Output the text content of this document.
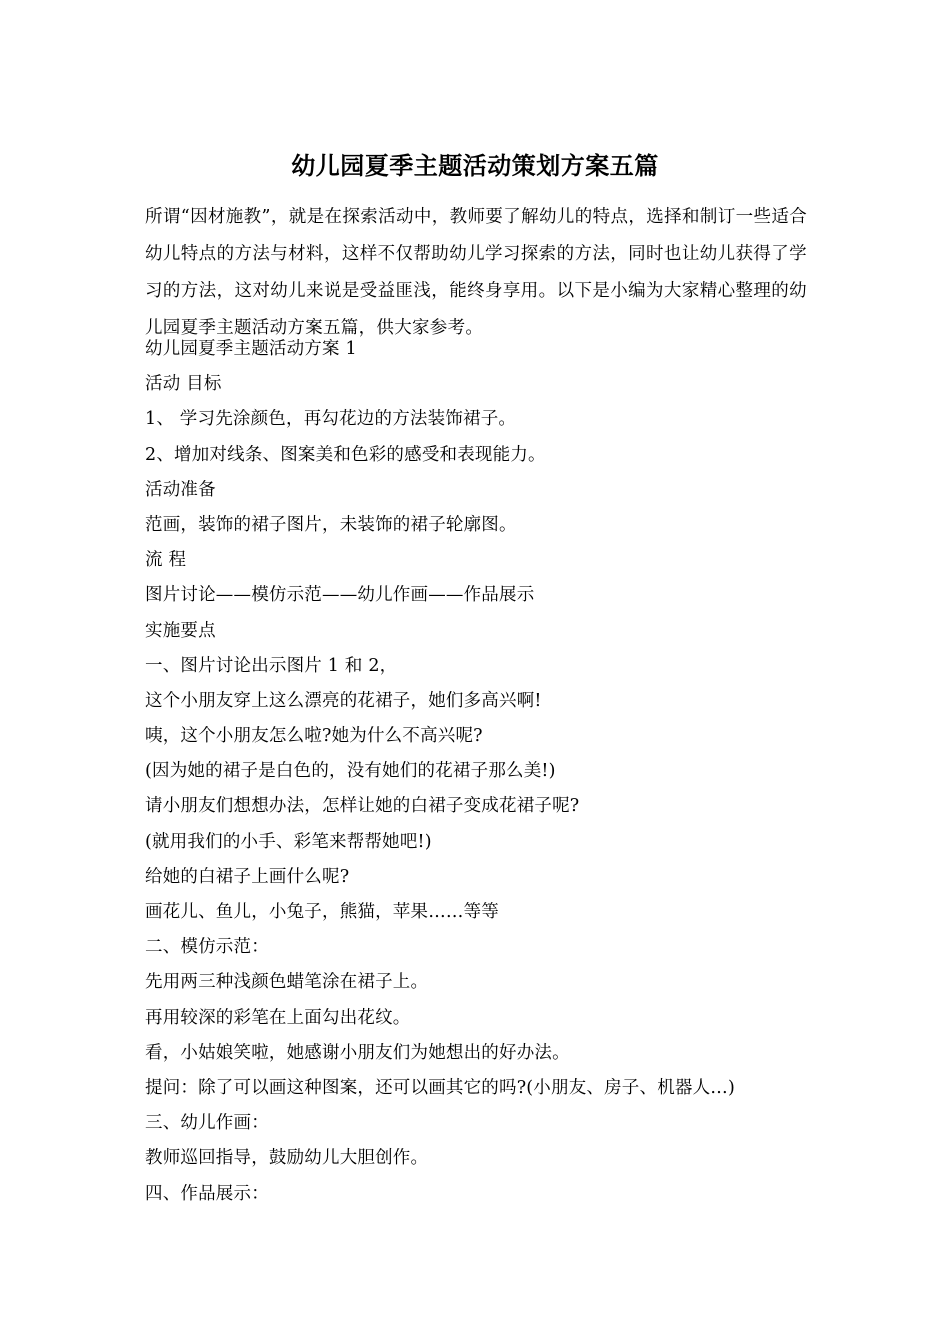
幼儿园夏季主题活动策划方案五篇

所谓“因材施教”，就是在探索活动中，教师要了解幼儿的特点，选择和制订一些适合幼儿特点的方法与材料，这样不仅帮助幼儿学习探索的方法，同时也让幼儿获得了学习的方法，这对幼儿来说是受益匪浅，能终身享用。以下是小编为大家精心整理的幼儿园夏季主题活动方案五篇，供大家参考。

幼儿园夏季主题活动方案 1
活动 目标
1、 学习先涂颜色，再勾花边的方法装饰裙子。
2、增加对线条、图案美和色彩的感受和表现能力。
活动准备
范画，装饰的裙子图片，未装饰的裙子轮廓图。
流 程
图片讨论——模仿示范——幼儿作画——作品展示
实施要点
一、图片讨论出示图片 1 和 2，
这个小朋友穿上这么漂亮的花裙子，她们多高兴啊!
咦，这个小朋友怎么啦?她为什么不高兴呢?
(因为她的裙子是白色的，没有她们的花裙子那么美!)
请小朋友们想想办法，怎样让她的白裙子变成花裙子呢?
(就用我们的小手、彩笔来帮帮她吧!)
给她的白裙子上画什么呢?
画花儿、鱼儿，小兔子，熊猫，苹果……等等
二、模仿示范：
先用两三种浅颜色蜡笔涂在裙子上。
再用较深的彩笔在上面勾出花纹。
看，小姑娘笑啦，她感谢小朋友们为她想出的好办法。
提问：除了可以画这种图案，还可以画其它的吗?(小朋友、房子、机器人…)
三、幼儿作画：
教师巡回指导，鼓励幼儿大胆创作。
四、作品展示：
